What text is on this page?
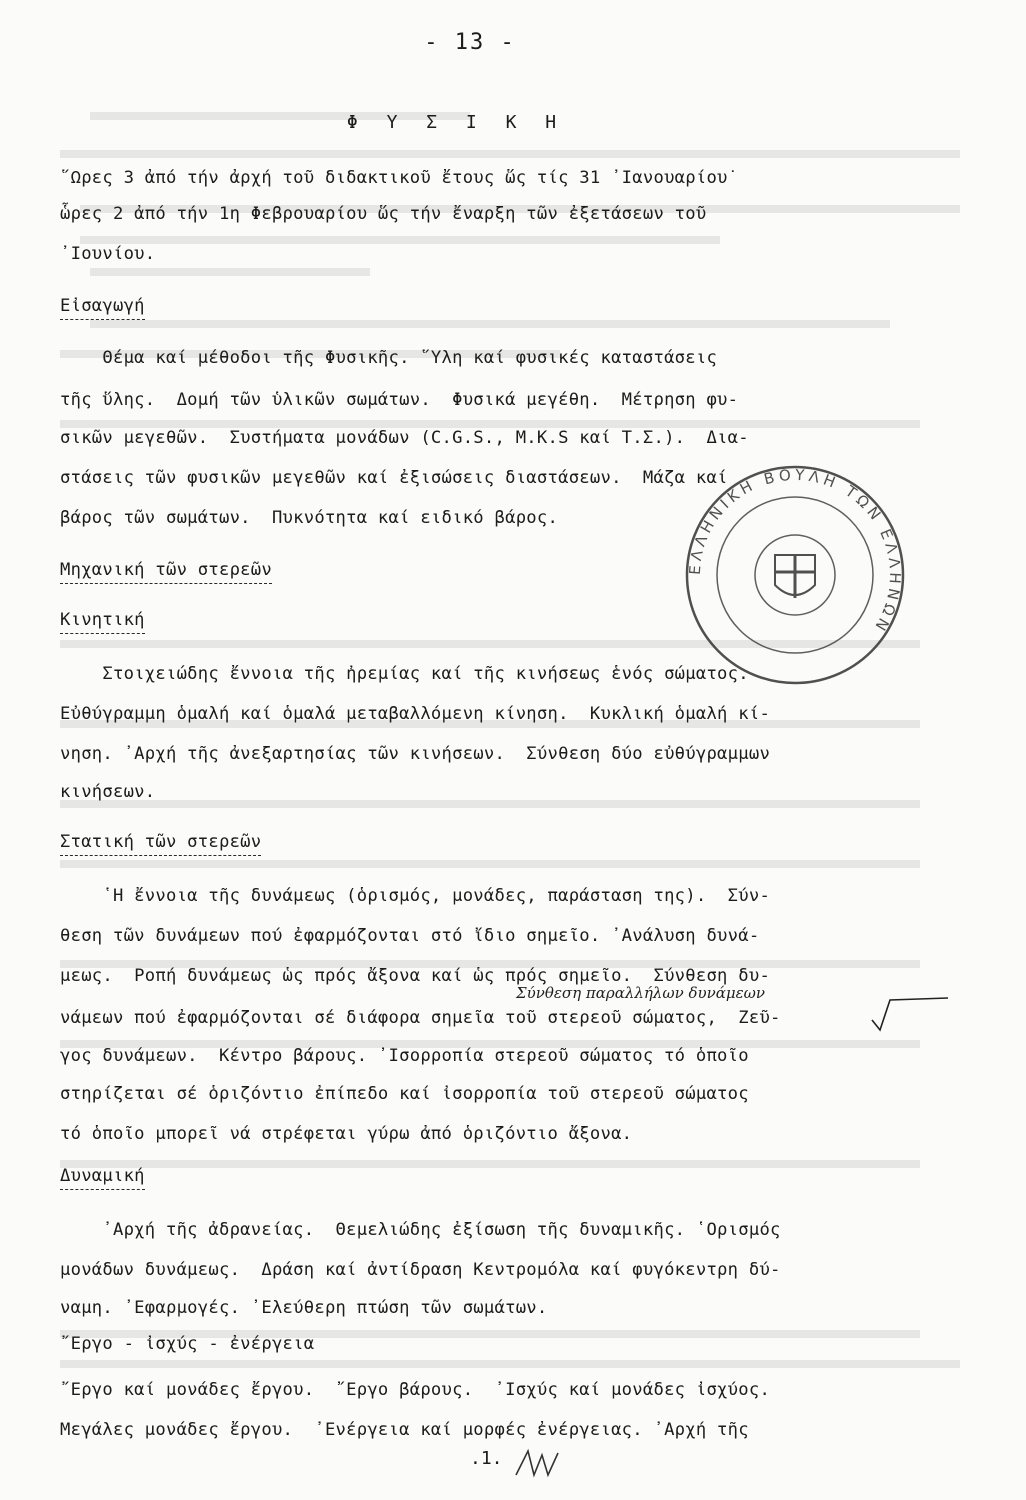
- 13 -
Φ Υ Σ Ι Κ Η
῞Ωρες 3 ἀπό τήν ἀρχή τοῦ διδακτικοῦ ἔτους ὥς τίς 31 ᾿Ιανουαρίου˙
ὧρες 2 ἀπό τήν 1η Φεβρουαρίου ὥς τήν ἔναρξη τῶν ἐξετάσεων τοῦ
᾿Ιουνίου.
Εἰσαγωγή
Θέμα καί μέθοδοι τῆς Φυσικῆς. ῞Υλη καί φυσικές καταστάσεις
τῆς ὕλης.  Δομή τῶν ὑλικῶν σωμάτων.  Φυσικά μεγέθη.  Μέτρηση φυ-
σικῶν μεγεθῶν.  Συστήματα μονάδων (C.G.S., M.K.S καί Τ.Σ.).  Δια-
στάσεις τῶν φυσικῶν μεγεθῶν καί ἐξισώσεις διαστάσεων.  Μάζα καί
βάρος τῶν σωμάτων.  Πυκνότητα καί ειδικό βάρος.
Μηχανική τῶν στερεῶν
Κινητική
Στοιχειώδης ἔννοια τῆς ἠρεμίας καί τῆς κινήσεως ἑνός σώματος.
Εὐθύγραμμη ὁμαλή καί ὁμαλά μεταβαλλόμενη κίνηση.  Κυκλική ὁμαλή κί-
νηση. ᾿Αρχή τῆς ἀνεξαρτησίας τῶν κινήσεων.  Σύνθεση δύο εὐθύγραμμων
κινήσεων.
Στατική τῶν στερεῶν
῾Η ἔννοια τῆς δυνάμεως (ὁρισμός, μονάδες, παράσταση της).  Σύν-
θεση τῶν δυνάμεων πού ἐφαρμόζονται στό ἴδιο σημεῖο. ᾿Ανάλυση δυνά-
μεως.  Ροπή δυνάμεως ὡς πρός ἄξονα καί ὡς πρός σημεῖο.  Σύνθεση δυ-
Σύνθεση παραλλήλων δυνάμεων
νάμεων πού ἐφαρμόζονται σέ διάφορα σημεῖα τοῦ στερεοῦ σώματος,  Ζεῦ-
γος δυνάμεων.  Κέντρο βάρους. ᾿Ισορροπία στερεοῦ σώματος τό ὁποῖο
στηρίζεται σέ ὁριζόντιο ἐπίπεδο καί ἰσορροπία τοῦ στερεοῦ σώματος
τό ὁποῖο μπορεῖ νά στρέφεται γύρω ἀπό ὁριζόντιο ἄξονα.
Δυναμική
᾿Αρχή τῆς ἀδρανείας.  Θεμελιώδης ἐξίσωση τῆς δυναμικῆς. ῾Ορισμός
μονάδων δυνάμεως.  Δράση καί ἀντίδραση Κεντρομόλα καί φυγόκεντρη δύ-
ναμη. ᾿Εφαρμογές. ᾿Ελεύθερη πτώση τῶν σωμάτων.
῎Εργο - ἰσχύς - ἐνέργεια
῎Εργο καί μονάδες ἔργου.  ῎Εργο βάρους.  ᾿Ισχύς καί μονάδες ἰσχύος.
Μεγάλες μονάδες ἔργου.  ᾿Ενέργεια καί μορφές ἐνέργειας. ᾿Αρχή τῆς
.1.
ΕΛΛΗΝΙΚΗ ΒΟΥΛΗ ΤΩΝ ΕΛΛΗΝΩΝ
